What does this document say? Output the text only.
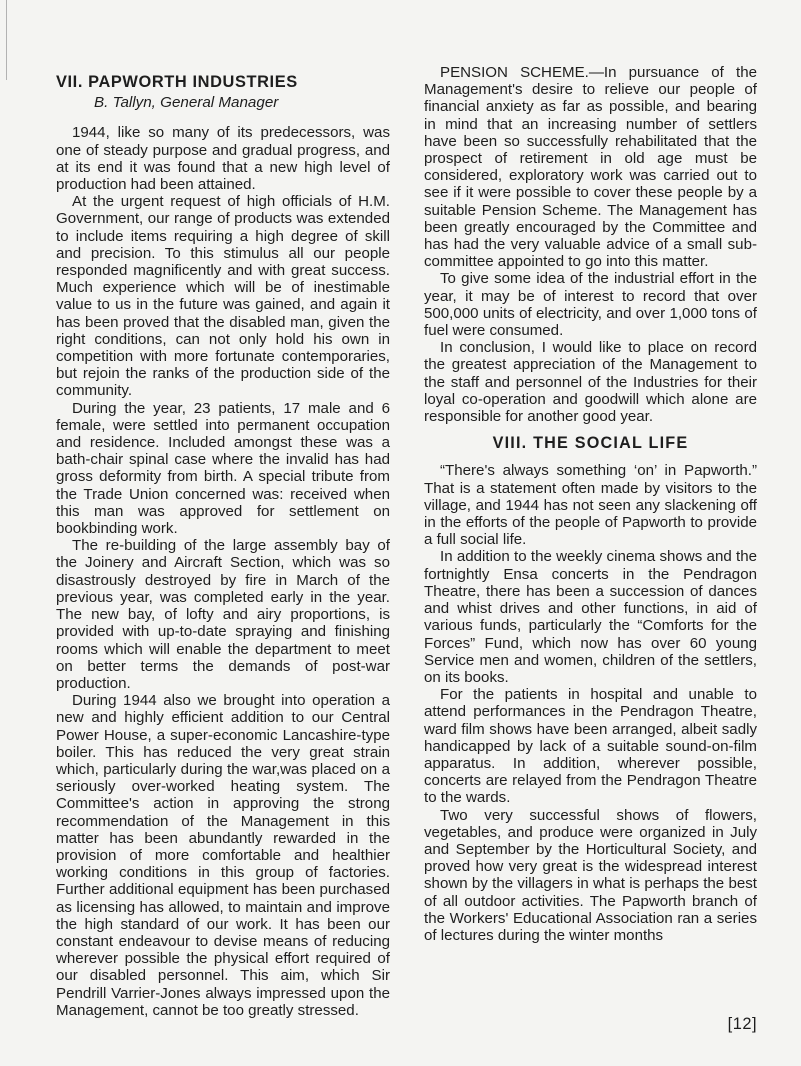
VII. PAPWORTH INDUSTRIES
B. Tallyn, General Manager

1944, like so many of its predecessors, was one of steady purpose and gradual progress, and at its end it was found that a new high level of production had been attained.

At the urgent request of high officials of H.M. Government, our range of products was extended to include items requiring a high degree of skill and precision. To this stimulus all our people responded magnificently and with great success. Much experience which will be of inestimable value to us in the future was gained, and again it has been proved that the disabled man, given the right conditions, can not only hold his own in competition with more fortunate contemporaries, but rejoin the ranks of the production side of the community.

During the year, 23 patients, 17 male and 6 female, were settled into permanent occupation and residence. Included amongst these was a bath-chair spinal case where the invalid has had gross deformity from birth. A special tribute from the Trade Union concerned was: received when this man was approved for settlement on bookbinding work.

The re-building of the large assembly bay of the Joinery and Aircraft Section, which was so disastrously destroyed by fire in March of the previous year, was completed early in the year. The new bay, of lofty and airy proportions, is provided with up-to-date spraying and finishing rooms which will enable the department to meet on better terms the demands of post-war production.

During 1944 also we brought into operation a new and highly efficient addition to our Central Power House, a super-economic Lancashire-type boiler. This has reduced the very great strain which, particularly during the war,was placed on a seriously over-worked heating system. The Committee's action in approving the strong recommendation of the Management in this matter has been abundantly rewarded in the provision of more comfortable and healthier working conditions in this group of factories. Further additional equipment has been purchased as licensing has allowed, to maintain and improve the high standard of our work. It has been our constant endeavour to devise means of reducing wherever possible the physical effort required of our disabled personnel. This aim, which Sir Pendrill Varrier-Jones always impressed upon the Management, cannot be too greatly stressed.

PENSION SCHEME.—In pursuance of the Management's desire to relieve our people of financial anxiety as far as possible, and bearing in mind that an increasing number of settlers have been so successfully rehabilitated that the prospect of retirement in old age must be considered, exploratory work was carried out to see if it were possible to cover these people by a suitable Pension Scheme. The Management has been greatly encouraged by the Committee and has had the very valuable advice of a small sub-committee appointed to go into this matter.

To give some idea of the industrial effort in the year, it may be of interest to record that over 500,000 units of electricity, and over 1,000 tons of fuel were consumed.

In conclusion, I would like to place on record the greatest appreciation of the Management to the staff and personnel of the Industries for their loyal co-operation and goodwill which alone are responsible for another good year.

VIII. THE SOCIAL LIFE

“There's always something ‘on’ in Papworth.” That is a statement often made by visitors to the village, and 1944 has not seen any slackening off in the efforts of the people of Papworth to provide a full social life.

In addition to the weekly cinema shows and the fortnightly Ensa concerts in the Pendragon Theatre, there has been a succession of dances and whist drives and other functions, in aid of various funds, particularly the “Comforts for the Forces” Fund, which now has over 60 young Service men and women, children of the settlers, on its books.

For the patients in hospital and unable to attend performances in the Pendragon Theatre, ward film shows have been arranged, albeit sadly handicapped by lack of a suitable sound-on-film apparatus. In addition, wherever possible, concerts are relayed from the Pendragon Theatre to the wards.

Two very successful shows of flowers, vegetables, and produce were organized in July and September by the Horticultural Society, and proved how very great is the widespread interest shown by the villagers in what is perhaps the best of all outdoor activities. The Papworth branch of the Workers' Educational Association ran a series of lectures during the winter months

[12]
